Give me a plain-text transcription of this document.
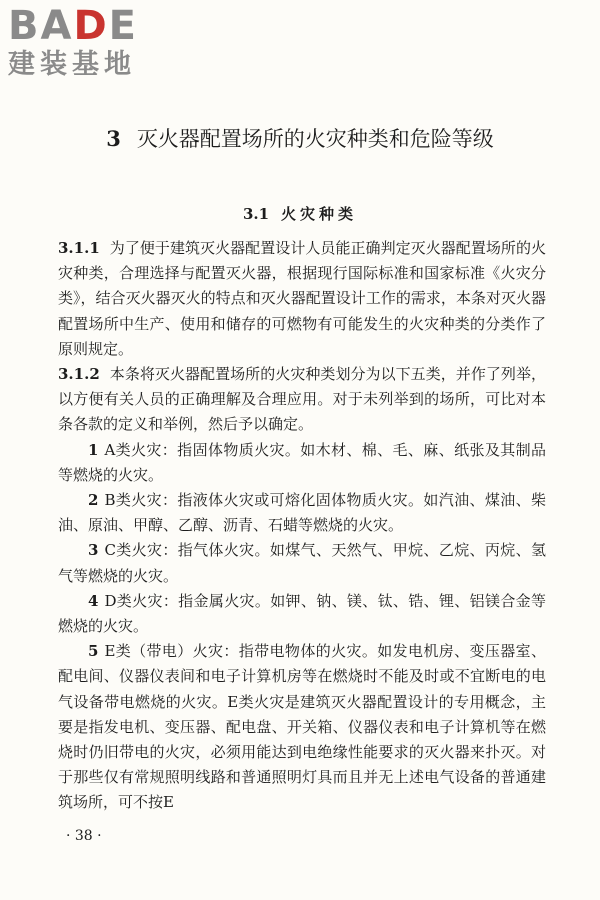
BADE
建装基地
3 灭火器配置场所的火灾种类和危险等级
3.1 火灾种类

3.1.1 为了便于建筑灭火器配置设计人员能正确判定灭火器配置场所的火灾种类，合理选择与配置灭火器，根据现行国际标准和国家标准《火灾分类》，结合灭火器灭火的特点和灭火器配置设计工作的需求，本条对灭火器配置场所中生产、使用和储存的可燃物有可能发生的火灾种类的分类作了原则规定。

3.1.2 本条将灭火器配置场所的火灾种类划分为以下五类，并作了列举，以方便有关人员的正确理解及合理应用。对于未列举到的场所，可比对本条各款的定义和举例，然后予以确定。

1 A类火灾：指固体物质火灾。如木材、棉、毛、麻、纸张及其制品等燃烧的火灾。

2 B类火灾：指液体火灾或可熔化固体物质火灾。如汽油、煤油、柴油、原油、甲醇、乙醇、沥青、石蜡等燃烧的火灾。

3 C类火灾：指气体火灾。如煤气、天然气、甲烷、乙烷、丙烷、氢气等燃烧的火灾。

4 D类火灾：指金属火灾。如钾、钠、镁、钛、锆、锂、铝镁合金等燃烧的火灾。

5 E类（带电）火灾：指带电物体的火灾。如发电机房、变压器室、配电间、仪器仪表间和电子计算机房等在燃烧时不能及时或不宜断电的电气设备带电燃烧的火灾。E类火灾是建筑灭火器配置设计的专用概念，主要是指发电机、变压器、配电盘、开关箱、仪器仪表和电子计算机等在燃烧时仍旧带电的火灾，必须用能达到电绝缘性能要求的灭火器来扑灭。对于那些仅有常规照明线路和普通照明灯具而且并无上述电气设备的普通建筑场所，可不按E

· 38 ·
